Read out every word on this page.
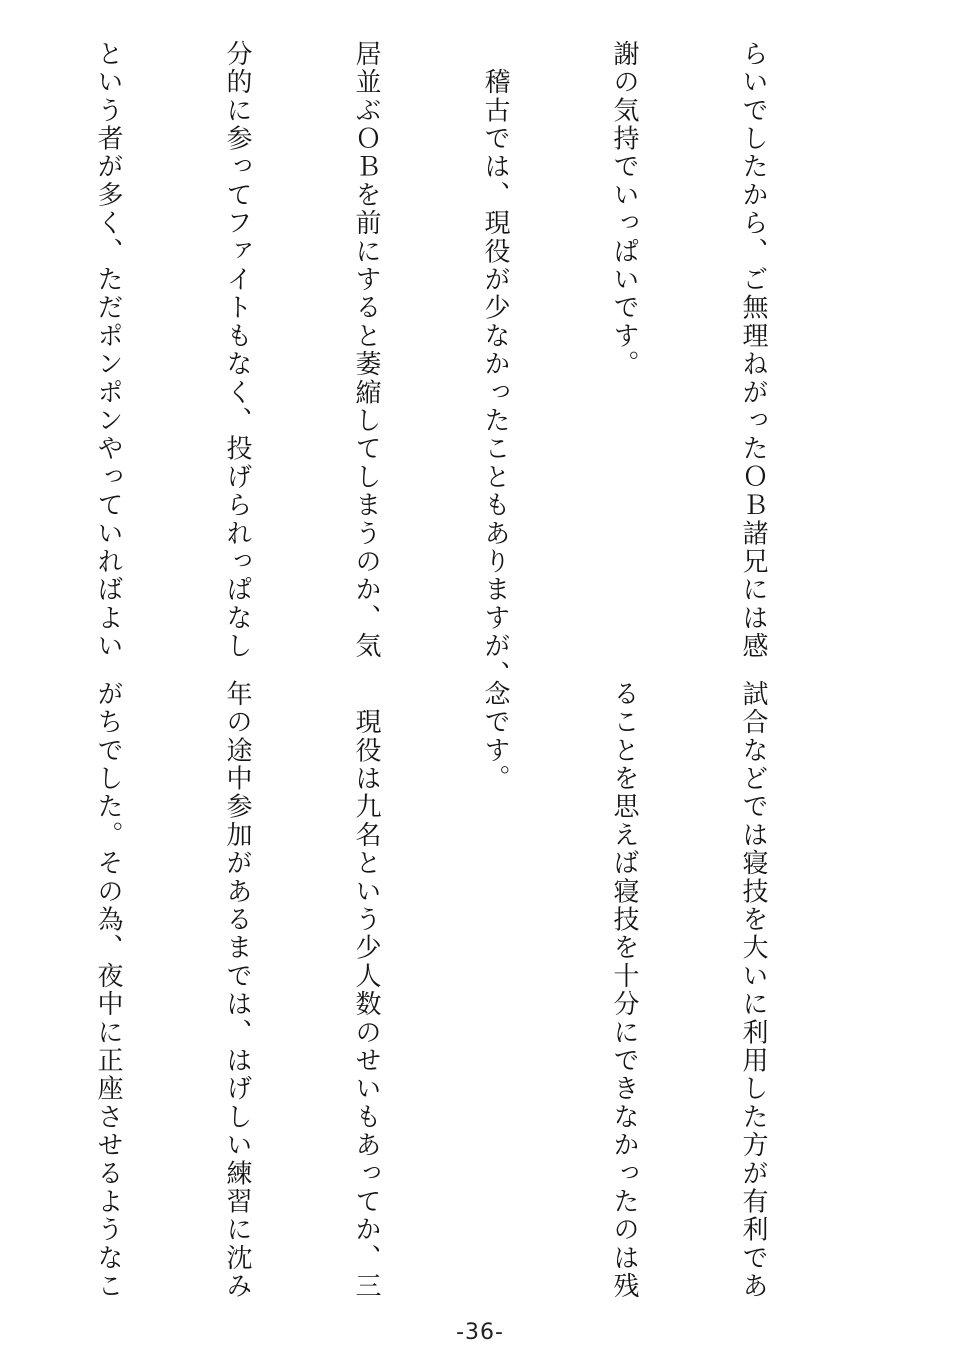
らいでしたから、ご無理ねがったＯＢ諸兄には感

謝の気持でいっぱいです。

　稽古では、現役が少なかったこともありますが、

居並ぶＯＢを前にすると萎縮してしまうのか、気

分的に参ってファイトもなく、投げられっぱなし

という者が多く、ただポンポンやっていればよい

試合などでは寝技を大いに利用した方が有利であ

ることを思えば寝技を十分にできなかったのは残

念です。

　現役は九名という少人数のせいもあってか、三

年の途中参加があるまでは、はげしい練習に沈み

がちでした。その為、夜中に正座させるようなこ

-36-
